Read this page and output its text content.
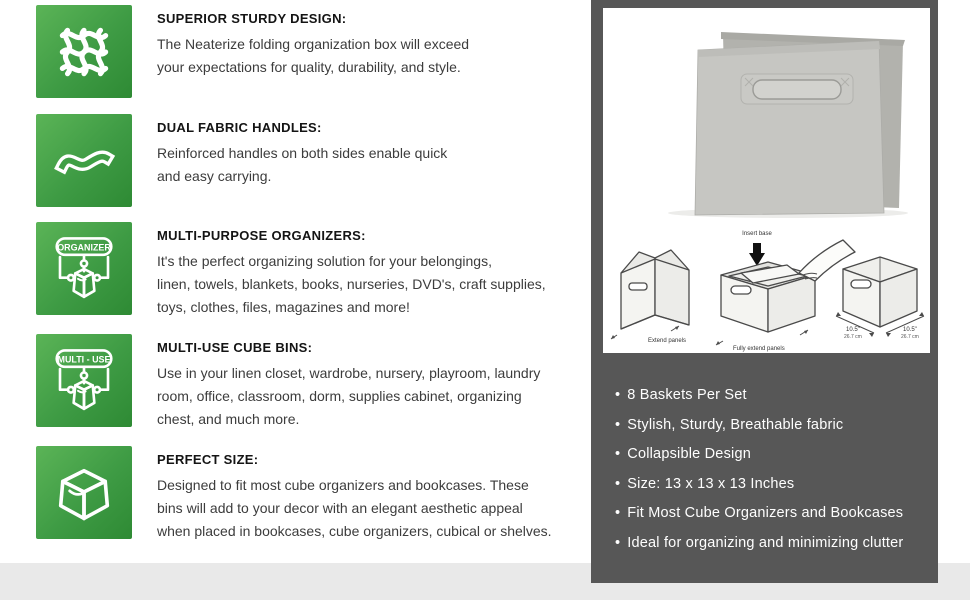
SUPERIOR STURDY DESIGN:
The Neaterize folding organization box will exceed
your expectations for quality, durability, and style.
DUAL FABRIC HANDLES:
Reinforced handles on both sides enable quick
and easy carrying.
ORGANIZER
MULTI-PURPOSE ORGANIZERS:
It's the perfect organizing solution for your belongings,
linen, towels, blankets, books, nurseries, DVD's, craft supplies,
toys, clothes, files, magazines and more!
MULTI - USE
MULTI-USE CUBE BINS:
Use in your linen closet, wardrobe, nursery, playroom, laundry
room, office, classroom, dorm, supplies cabinet, organizing
chest, and much more.
PERFECT SIZE:
Designed to fit most cube organizers and bookcases. These
bins will add to your decor with an elegant aesthetic appeal
when placed in bookcases, cube organizers, cubical or shelves.

Extend panels
Insert base
Fully extend panels
10.5"
26.7 cm
10.5"
26.7 cm
• 8 Baskets Per Set
• Stylish, Sturdy, Breathable fabric
• Collapsible Design
• Size: 13 x 13 x 13 Inches
• Fit Most Cube Organizers and Bookcases
• Ideal for organizing and minimizing clutter
